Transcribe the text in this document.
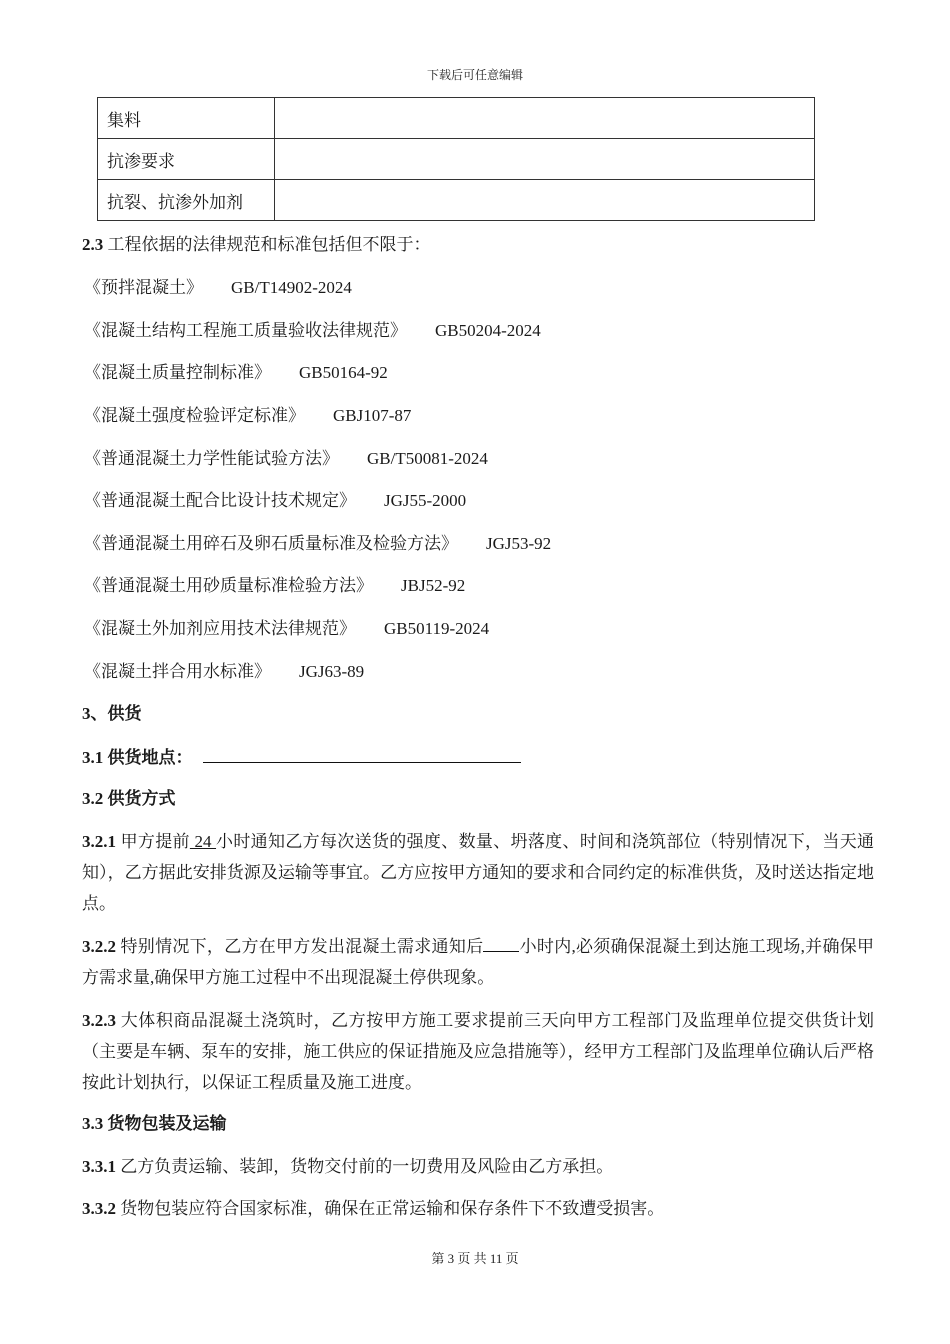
下载后可任意编辑
集料	
抗渗要求	
抗裂、抗渗外加剂	
2.3 工程依据的法律规范和标准包括但不限于：
《预拌混凝土》 GB/T14902-2024
《混凝土结构工程施工质量验收法律规范》 GB50204-2024
《混凝土质量控制标准》 GB50164-92
《混凝土强度检验评定标准》 GBJ107-87
《普通混凝土力学性能试验方法》 GB/T50081-2024
《普通混凝土配合比设计技术规定》 JGJ55-2000
《普通混凝土用碎石及卵石质量标准及检验方法》 JGJ53-92
《普通混凝土用砂质量标准检验方法》 JBJ52-92
《混凝土外加剂应用技术法律规范》 GB50119-2024
《混凝土拌合用水标准》 JGJ63-89
3、供货
3.1 供货地点：
3.2 供货方式
3.2.1 甲方提前 24 小时通知乙方每次送货的强度、数量、坍落度、时间和浇筑部位（特别情况下，当天通知），乙方据此安排货源及运输等事宜。乙方应按甲方通知的要求和合同约定的标准供货，及时送达指定地点。
3.2.2 特别情况下，乙方在甲方发出混凝土需求通知后 小时内,必须确保混凝土到达施工现场,并确保甲方需求量,确保甲方施工过程中不出现混凝土停供现象。
3.2.3 大体积商品混凝土浇筑时，乙方按甲方施工要求提前三天向甲方工程部门及监理单位提交供货计划（主要是车辆、泵车的安排，施工供应的保证措施及应急措施等），经甲方工程部门及监理单位确认后严格按此计划执行，以保证工程质量及施工进度。
3.3 货物包装及运输
3.3.1 乙方负责运输、装卸，货物交付前的一切费用及风险由乙方承担。
3.3.2 货物包装应符合国家标准，确保在正常运输和保存条件下不致遭受损害。
第 3 页 共 11 页
